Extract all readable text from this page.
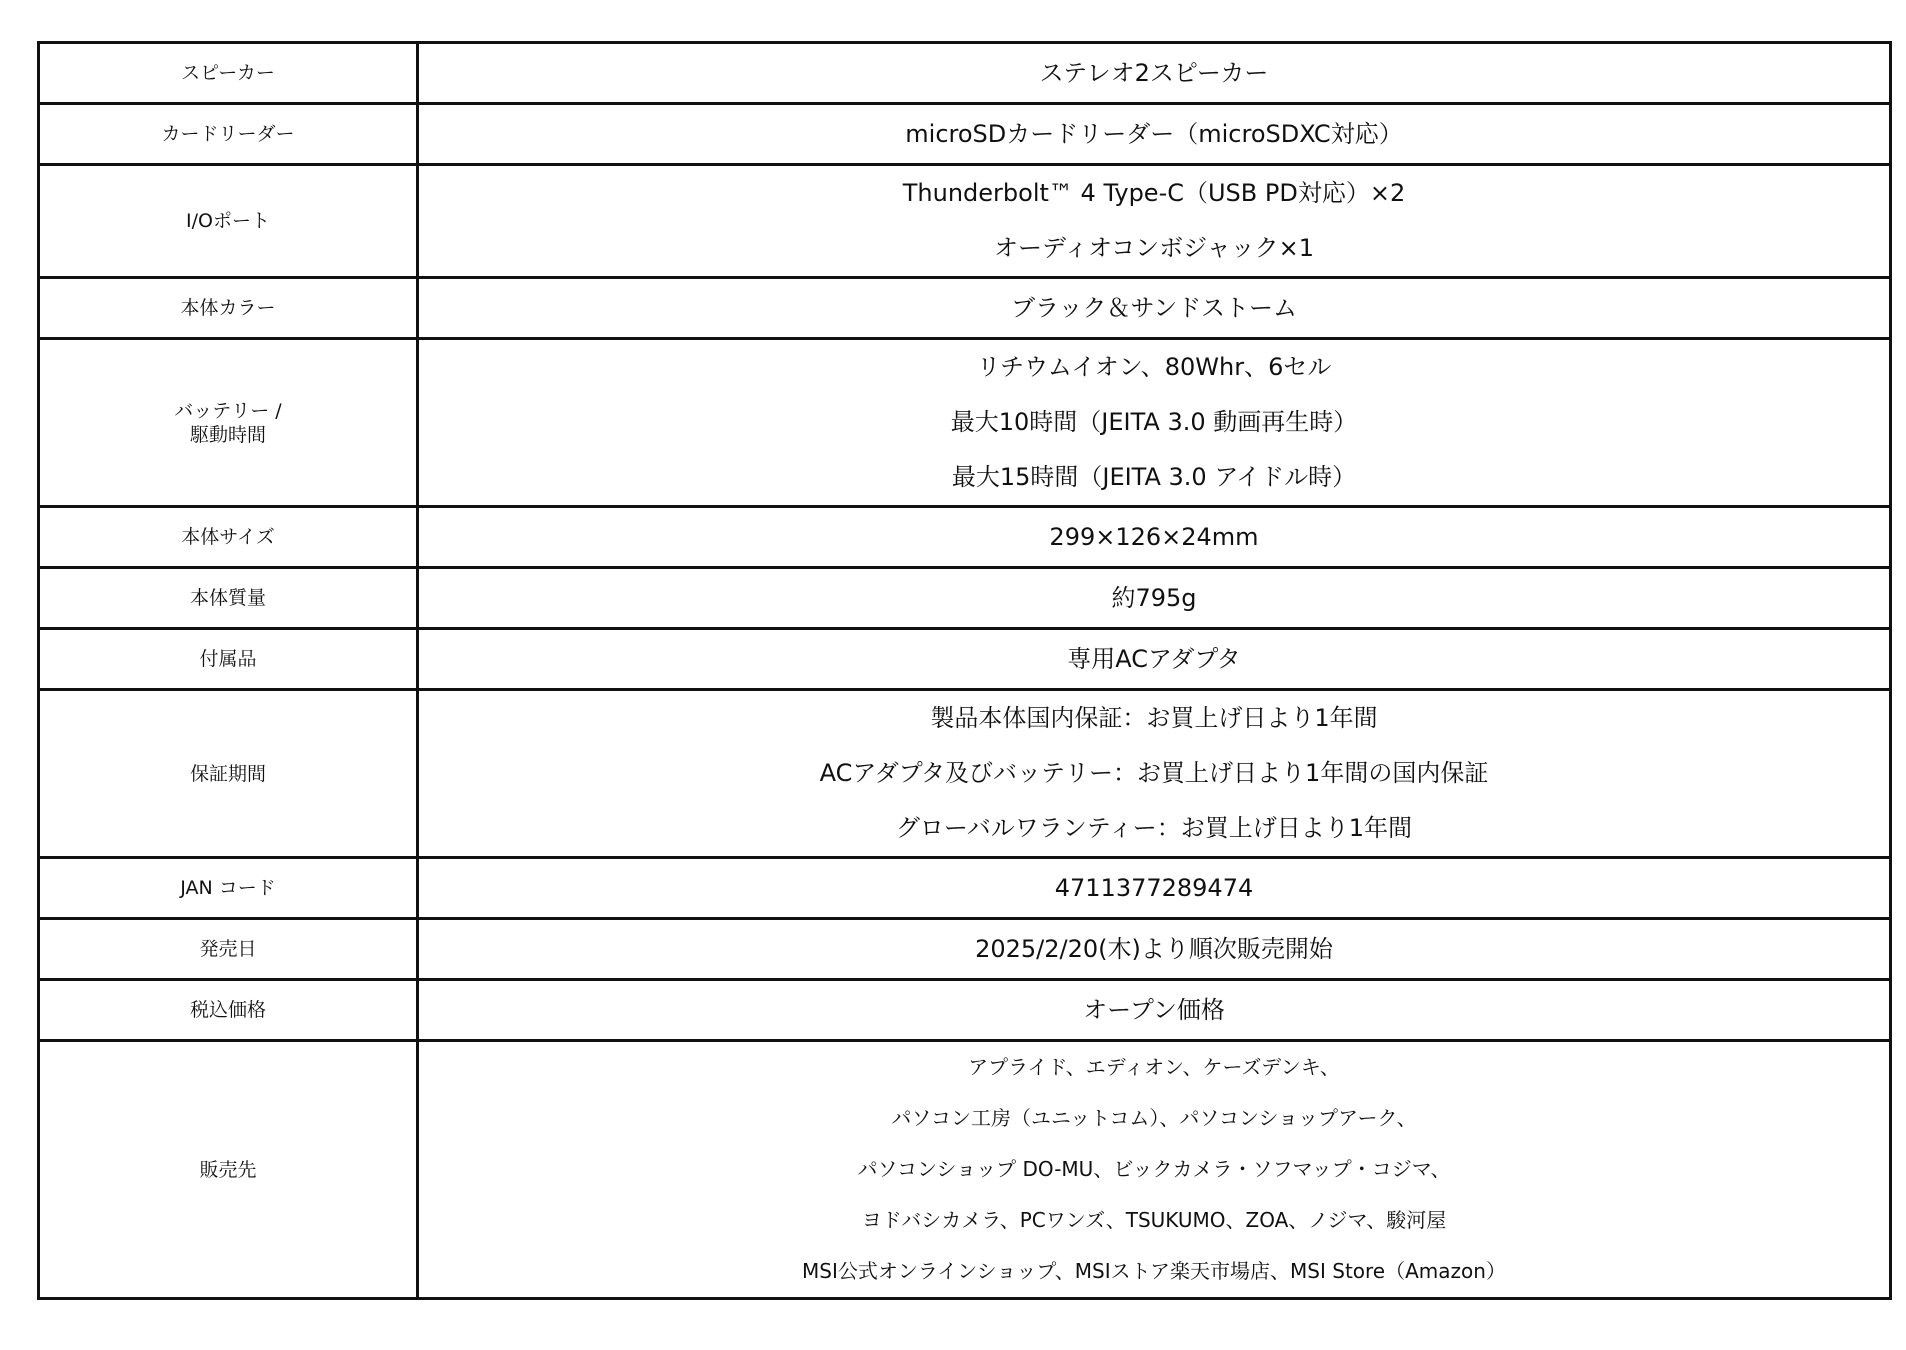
スピーカー	ステレオ2スピーカー

カードリーダー	microSDカードリーダー（microSDXC対応）

I/Oポート	Thunderbolt™ 4 Type-C（USB PD対応）×2
オーディオコンボジャック×1

本体カラー	ブラック＆サンドストーム

バッテリー /
駆動時間	リチウムイオン、80Whr、6セル
最大10時間（JEITA 3.0 動画再生時）
最大15時間（JEITA 3.0 アイドル時）

本体サイズ	299×126×24mm

本体質量	約795g

付属品	専用ACアダプタ

保証期間	製品本体国内保証：お買上げ日より1年間
ACアダプタ及びバッテリー：お買上げ日より1年間の国内保証
グローバルワランティー：お買上げ日より1年間

JAN コード	4711377289474

発売日	2025/2/20(木)より順次販売開始

税込価格	オープン価格

販売先	アプライド、エディオン、ケーズデンキ、
パソコン工房（ユニットコム）、パソコンショップアーク、
パソコンショップ DO-MU、ビックカメラ・ソフマップ・コジマ、
ヨドバシカメラ、PCワンズ、TSUKUMO、ZOA、ノジマ、駿河屋
MSI公式オンラインショップ、MSIストア楽天市場店、MSI Store（Amazon）
